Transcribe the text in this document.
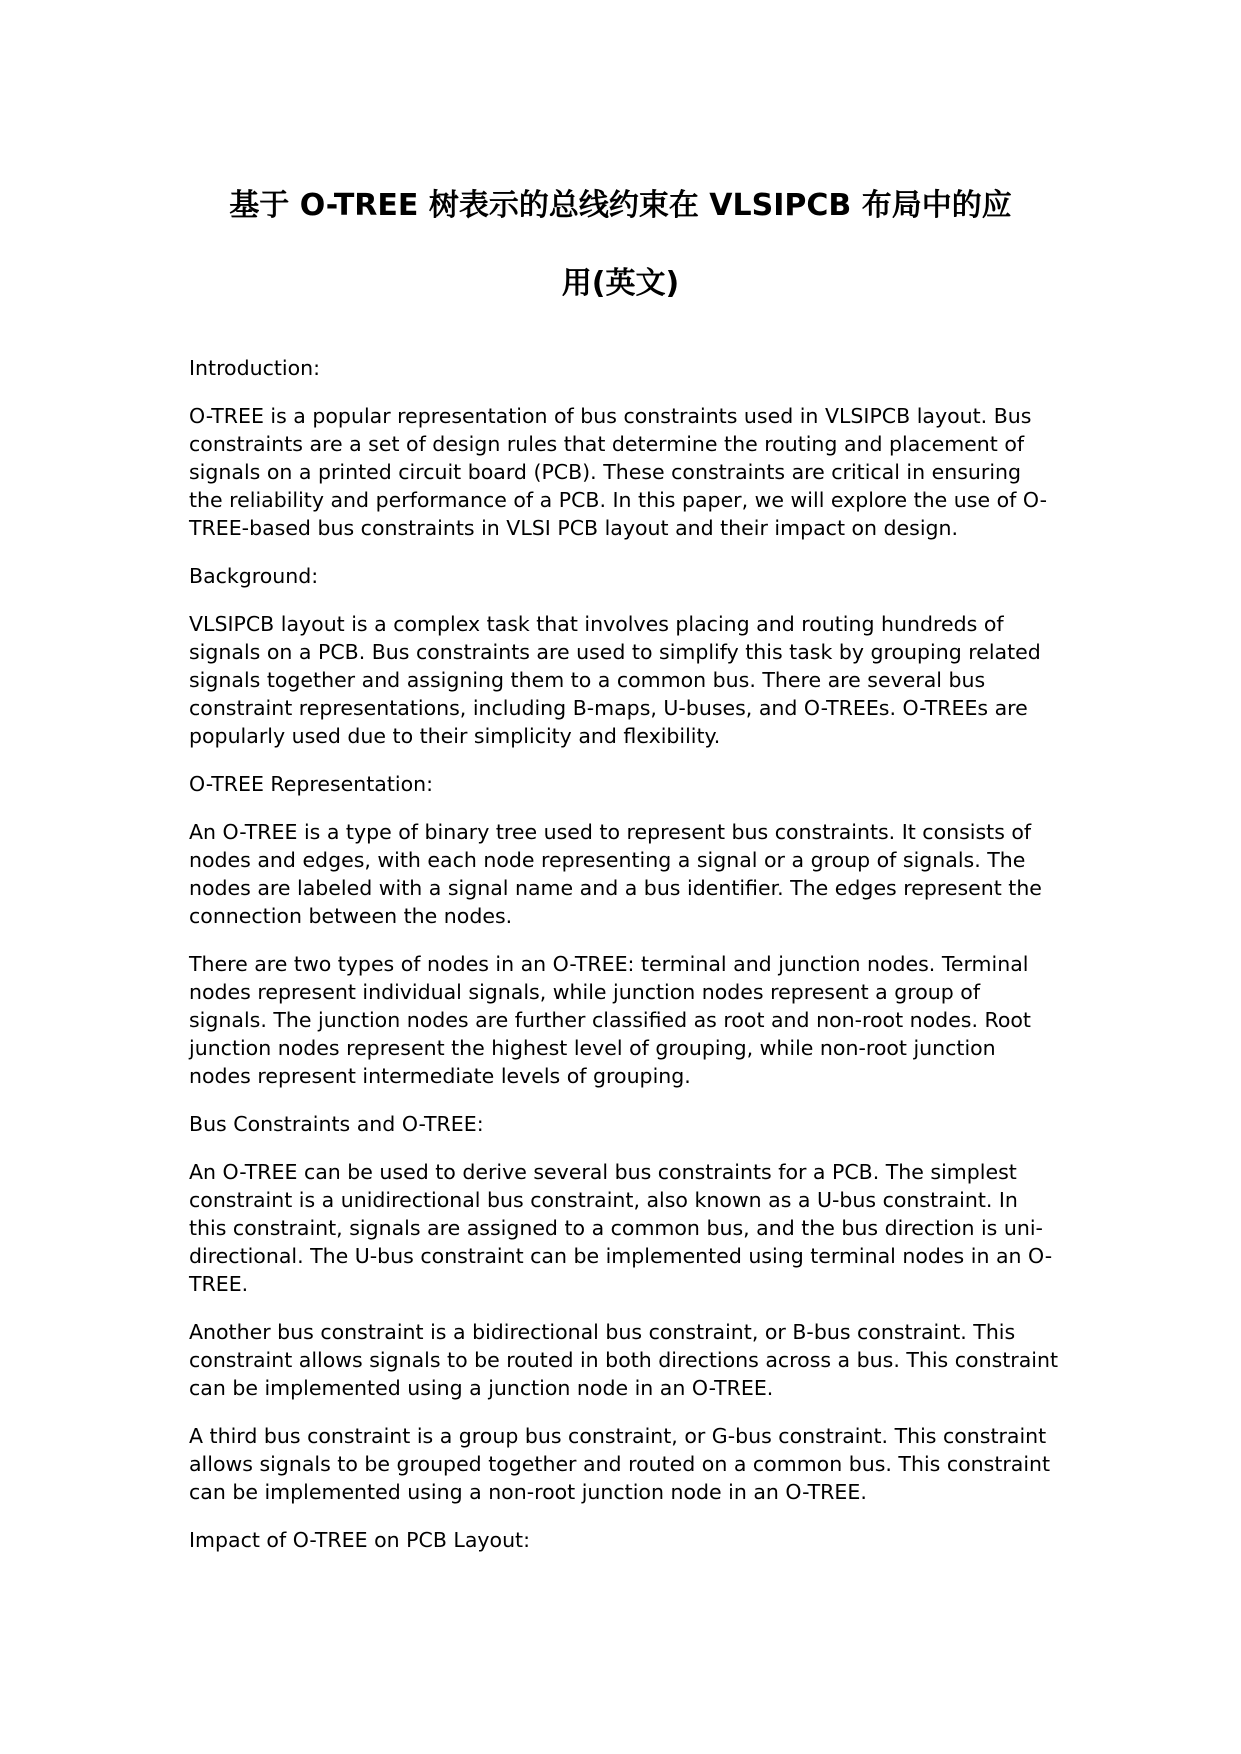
基于 O-TREE 树表示的总线约束在 VLSIPCB 布局中的应
用(英文)

Introduction:

O-TREE is a popular representation of bus constraints used in VLSIPCB layout. Bus constraints are a set of design rules that determine the routing and placement of signals on a printed circuit board (PCB). These constraints are critical in ensuring the reliability and performance of a PCB. In this paper, we will explore the use of O-TREE-based bus constraints in VLSI PCB layout and their impact on design.

Background:

VLSIPCB layout is a complex task that involves placing and routing hundreds of signals on a PCB. Bus constraints are used to simplify this task by grouping related signals together and assigning them to a common bus. There are several bus constraint representations, including B-maps, U-buses, and O-TREEs. O-TREEs are popularly used due to their simplicity and flexibility.

O-TREE Representation:

An O-TREE is a type of binary tree used to represent bus constraints. It consists of nodes and edges, with each node representing a signal or a group of signals. The nodes are labeled with a signal name and a bus identifier. The edges represent the connection between the nodes.

There are two types of nodes in an O-TREE: terminal and junction nodes. Terminal nodes represent individual signals, while junction nodes represent a group of signals. The junction nodes are further classified as root and non-root nodes. Root junction nodes represent the highest level of grouping, while non-root junction nodes represent intermediate levels of grouping.

Bus Constraints and O-TREE:

An O-TREE can be used to derive several bus constraints for a PCB. The simplest constraint is a unidirectional bus constraint, also known as a U-bus constraint. In this constraint, signals are assigned to a common bus, and the bus direction is uni-directional. The U-bus constraint can be implemented using terminal nodes in an O-TREE.

Another bus constraint is a bidirectional bus constraint, or B-bus constraint. This constraint allows signals to be routed in both directions across a bus. This constraint can be implemented using a junction node in an O-TREE.

A third bus constraint is a group bus constraint, or G-bus constraint. This constraint allows signals to be grouped together and routed on a common bus. This constraint can be implemented using a non-root junction node in an O-TREE.

Impact of O-TREE on PCB Layout:
